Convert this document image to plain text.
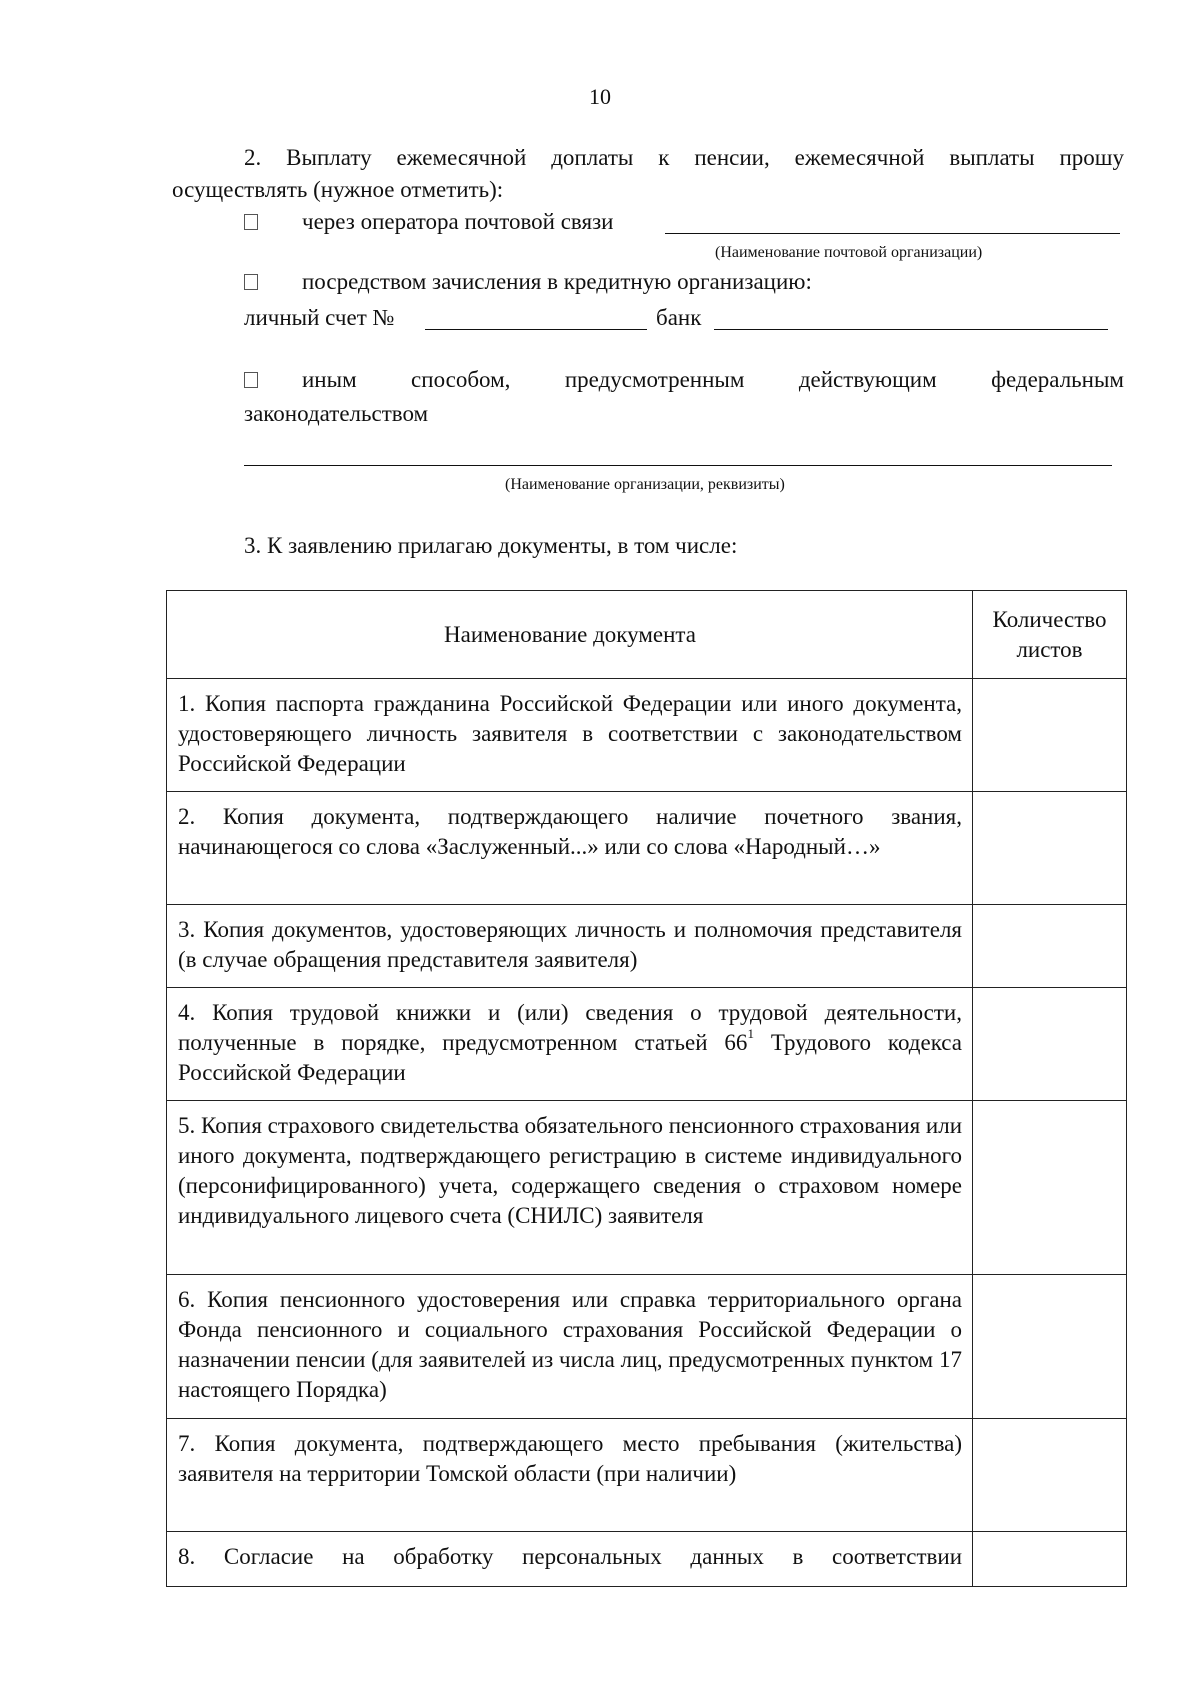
10
2. Выплату ежемесячной доплаты к пенсии, ежемесячной выплаты прошу
осуществлять (нужное отметить):
через оператора почтовой связи
(Наименование почтовой организации)
посредством зачисления в кредитную организацию:
личный счет №	банк
иным способом, предусмотренным действующим федеральным
законодательством
(Наименование организации, реквизиты)
3. К заявлению прилагаю документы, в том числе:
Наименование документа	Количество листов
1. Копия паспорта гражданина Российской Федерации или иного документа, удостоверяющего личность заявителя в соответствии с законодательством Российской Федерации	
2. Копия документа, подтверждающего наличие почетного звания, начинающегося со слова «Заслуженный...» или со слова «Народный…»	
3. Копия документов, удостоверяющих личность и полномочия представителя (в случае обращения представителя заявителя)	
4. Копия трудовой книжки и (или) сведения о трудовой деятельности, полученные в порядке, предусмотренном статьей $66^1$ Трудового кодекса Российской Федерации	
5. Копия страхового свидетельства обязательного пенсионного страхования или иного документа, подтверждающего регистрацию в системе индивидуального (персонифицированного) учета, содержащего сведения о страховом номере индивидуального лицевого счета (СНИЛС) заявителя	
6. Копия пенсионного удостоверения или справка территориального органа Фонда пенсионного и социального страхования Российской Федерации о назначении пенсии (для заявителей из числа лиц, предусмотренных пунктом 17 настоящего Порядка)	
7. Копия документа, подтверждающего место пребывания (жительства) заявителя на территории Томской области (при наличии)	
8. Согласие на обработку персональных данных в соответствии	
